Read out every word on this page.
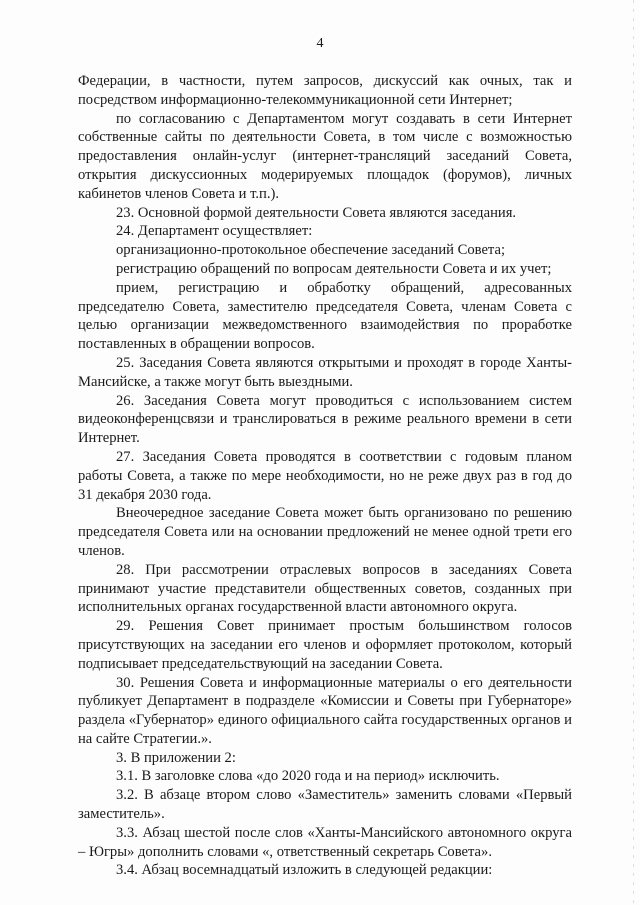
4

Федерации, в частности, путем запросов, дискуссий как очных, так и посредством информационно-телекоммуникационной сети Интернет;

по согласованию с Департаментом могут создавать в сети Интернет собственные сайты по деятельности Совета, в том числе с возможностью предоставления онлайн-услуг (интернет-трансляций заседаний Совета, открытия дискуссионных модерируемых площадок (форумов), личных кабинетов членов Совета и т.п.).

23. Основной формой деятельности Совета являются заседания.

24. Департамент осуществляет:

организационно-протокольное обеспечение заседаний Совета;

регистрацию обращений по вопросам деятельности Совета и их учет;

прием, регистрацию и обработку обращений, адресованных председателю Совета, заместителю председателя Совета, членам Совета с целью организации межведомственного взаимодействия по проработке поставленных в обращении вопросов.

25. Заседания Совета являются открытыми и проходят в городе Ханты-Мансийске, а также могут быть выездными.

26. Заседания Совета могут проводиться с использованием систем видеоконференцсвязи и транслироваться в режиме реального времени в сети Интернет.

27. Заседания Совета проводятся в соответствии с годовым планом работы Совета, а также по мере необходимости, но не реже двух раз в год до 31 декабря 2030 года.

Внеочередное заседание Совета может быть организовано по решению председателя Совета или на основании предложений не менее одной трети его членов.

28. При рассмотрении отраслевых вопросов в заседаниях Совета принимают участие представители общественных советов, созданных при исполнительных органах государственной власти автономного округа.

29. Решения Совет принимает простым большинством голосов присутствующих на заседании его членов и оформляет протоколом, который подписывает председательствующий на заседании Совета.

30. Решения Совета и информационные материалы о его деятельности публикует Департамент в подразделе «Комиссии и Советы при Губернаторе» раздела «Губернатор» единого официального сайта государственных органов и на сайте Стратегии.».

3. В приложении 2:

3.1. В заголовке слова «до 2020 года и на период» исключить.

3.2. В абзаце втором слово «Заместитель» заменить словами «Первый заместитель».

3.3. Абзац шестой после слов «Ханты-Мансийского автономного округа – Югры» дополнить словами «, ответственный секретарь Совета».

3.4. Абзац восемнадцатый изложить в следующей редакции:
